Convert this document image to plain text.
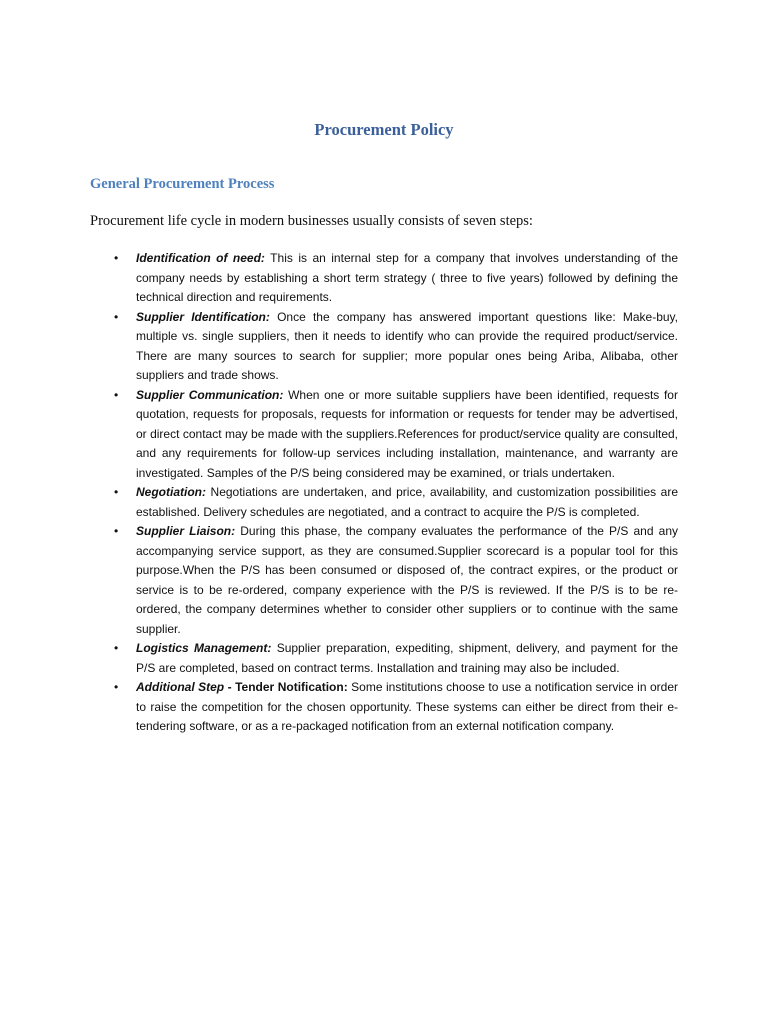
Procurement Policy
General Procurement Process

Procurement life cycle in modern businesses usually consists of seven steps:

• Identification of need: This is an internal step for a company that involves understanding of the company needs by establishing a short term strategy ( three to five years) followed by defining the technical direction and requirements.
• Supplier Identification: Once the company has answered important questions like: Make-buy, multiple vs. single suppliers, then it needs to identify who can provide the required product/service. There are many sources to search for supplier; more popular ones being Ariba, Alibaba, other suppliers and trade shows.
• Supplier Communication: When one or more suitable suppliers have been identified, requests for quotation, requests for proposals, requests for information or requests for tender may be advertised, or direct contact may be made with the suppliers.References for product/service quality are consulted, and any requirements for follow-up services including installation, maintenance, and warranty are investigated. Samples of the P/S being considered may be examined, or trials undertaken.
• Negotiation: Negotiations are undertaken, and price, availability, and customization possibilities are established. Delivery schedules are negotiated, and a contract to acquire the P/S is completed.
• Supplier Liaison: During this phase, the company evaluates the performance of the P/S and any accompanying service support, as they are consumed.Supplier scorecard is a popular tool for this purpose.When the P/S has been consumed or disposed of, the contract expires, or the product or service is to be re-ordered, company experience with the P/S is reviewed. If the P/S is to be re-ordered, the company determines whether to consider other suppliers or to continue with the same supplier.
• Logistics Management: Supplier preparation, expediting, shipment, delivery, and payment for the P/S are completed, based on contract terms. Installation and training may also be included.
• Additional Step - Tender Notification: Some institutions choose to use a notification service in order to raise the competition for the chosen opportunity. These systems can either be direct from their e-tendering software, or as a re-packaged notification from an external notification company.
